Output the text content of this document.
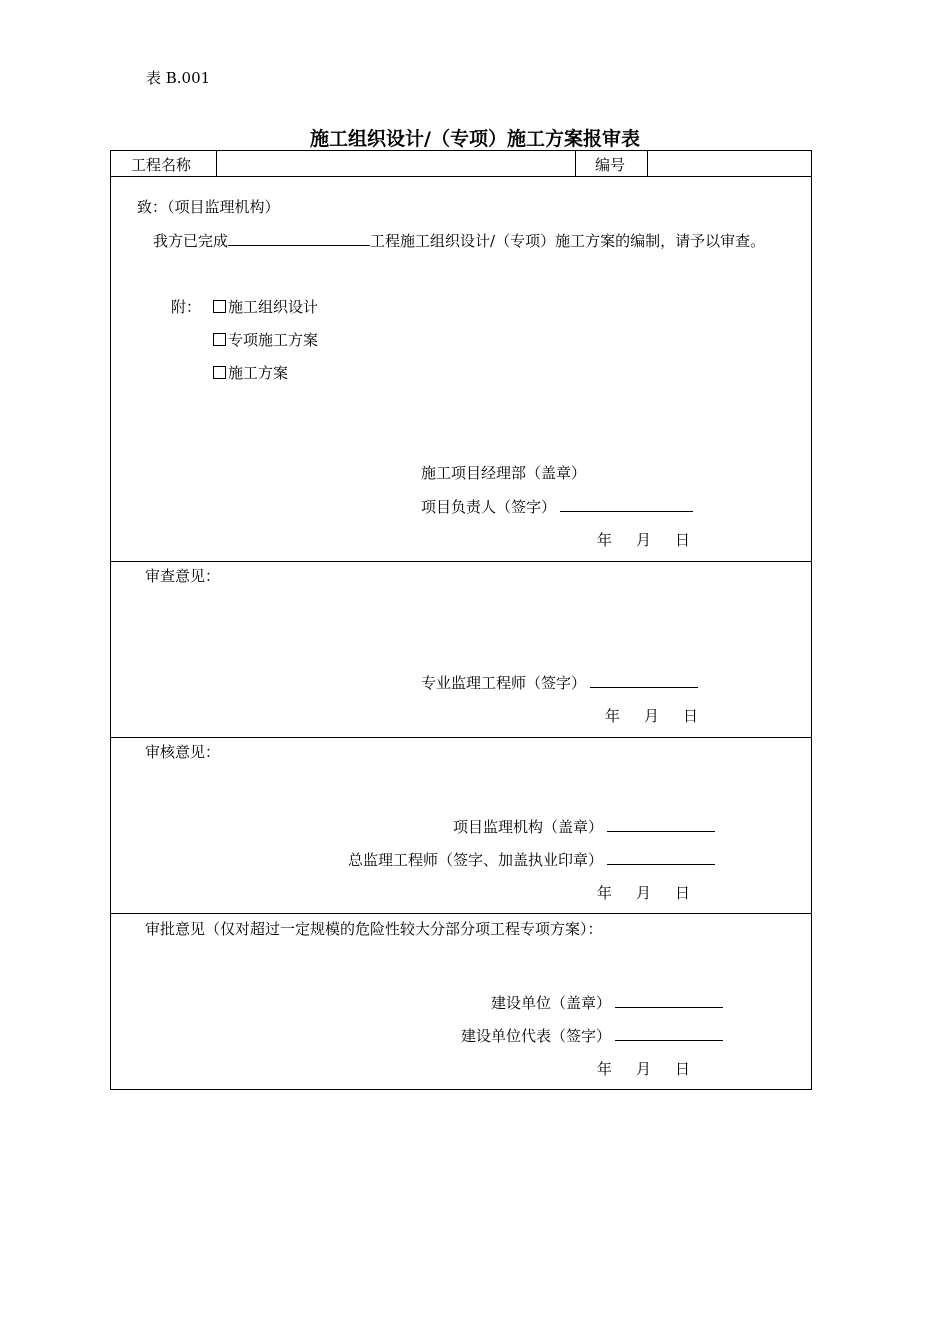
表 B.001
施工组织设计/（专项）施工方案报审表
工程名称	编号
致：（项目监理机构）
我方已完成	工程施工组织设计/（专项）施工方案的编制，请予以审查。
附：	施工组织设计
专项施工方案
施工方案
施工项目经理部（盖章）
项目负责人（签字）
年 月 日
审查意见：
专业监理工程师（签字）
年 月 日
审核意见：
项目监理机构（盖章）
总监理工程师（签字、加盖执业印章）
年 月 日
审批意见（仅对超过一定规模的危险性较大分部分项工程专项方案）：
建设单位（盖章）
建设单位代表（签字）
年 月 日
